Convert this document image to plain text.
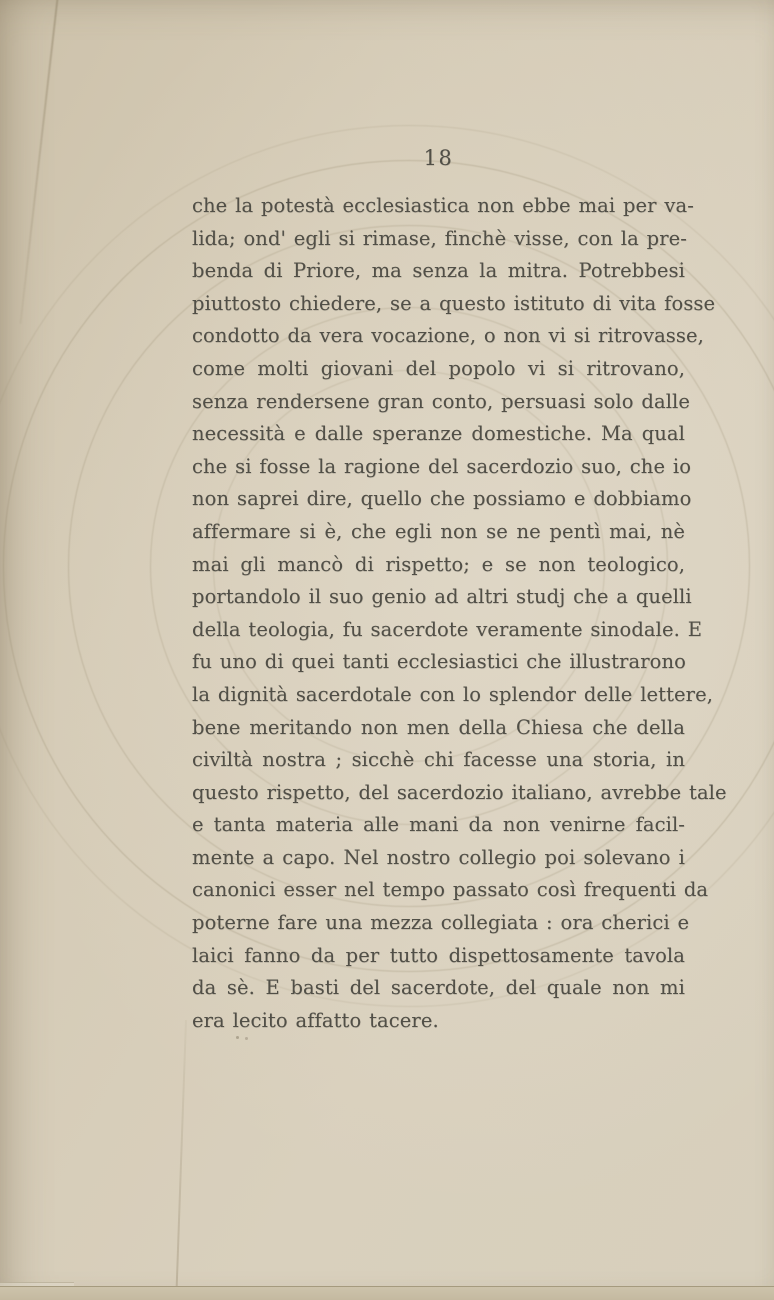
18
che la potestà ecclesiastica non ebbe mai per va-
lida; ond' egli si rimase, finchè visse, con la pre-
benda di Priore, ma senza la mitra. Potrebbesi
piuttosto chiedere, se a questo istituto di vita fosse
condotto da vera vocazione, o non vi si ritrovasse,
come molti giovani del popolo vi si ritrovano,
senza rendersene gran conto, persuasi solo dalle
necessità e dalle speranze domestiche. Ma qual
che si fosse la ragione del sacerdozio suo, che io
non saprei dire, quello che possiamo e dobbiamo
affermare si è, che egli non se ne pentì mai, nè
mai gli mancò di rispetto; e se non teologico,
portandolo il suo genio ad altri studj che a quelli
della teologia, fu sacerdote veramente sinodale. E
fu uno di quei tanti ecclesiastici che illustrarono
la dignità sacerdotale con lo splendor delle lettere,
bene meritando non men della Chiesa che della
civiltà nostra ; sicchè chi facesse una storia, in
questo rispetto, del sacerdozio italiano, avrebbe tale
e tanta materia alle mani da non venirne facil-
mente a capo. Nel nostro collegio poi solevano i
canonici esser nel tempo passato così frequenti da
poterne fare una mezza collegiata : ora cherici e
laici fanno da per tutto dispettosamente tavola
da sè. E basti del sacerdote, del quale non mi
era lecito affatto tacere.
